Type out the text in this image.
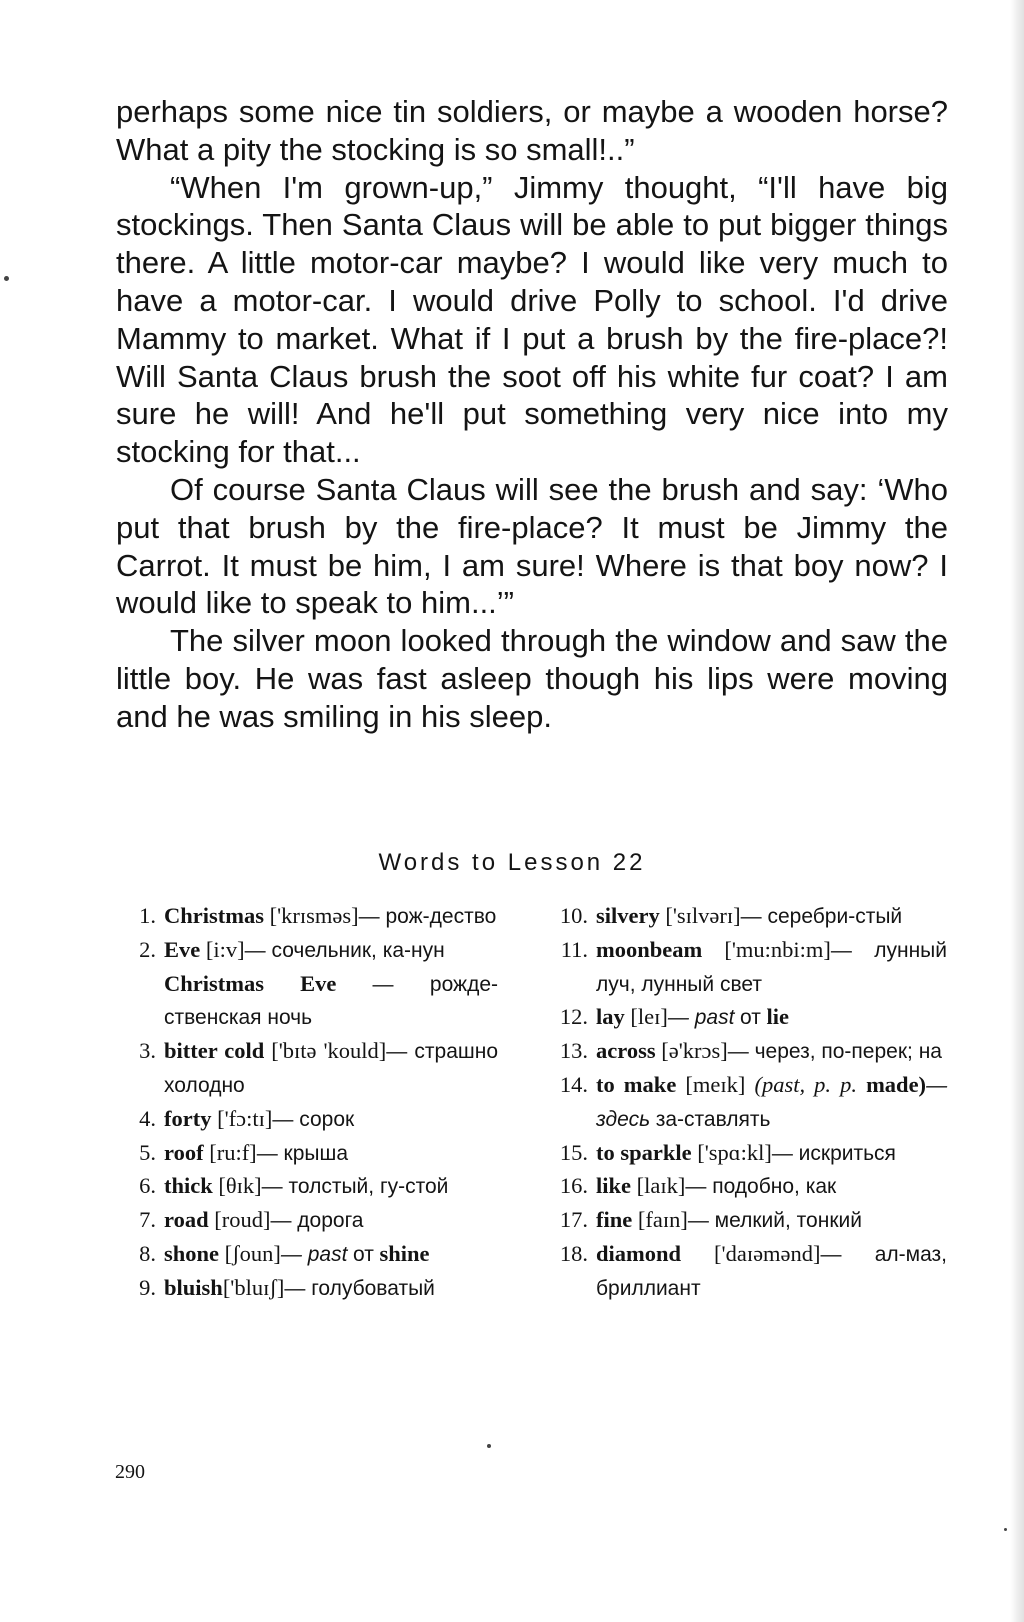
perhaps some nice tin soldiers, or maybe a wooden horse? What a pity the stocking is so small!..”

“When I'm grown-up,” Jimmy thought, “I'll have big stockings. Then Santa Claus will be able to put bigger things there. A little motor-car maybe? I would like very much to have a motor-car. I would drive Polly to school. I'd drive Mammy to market. What if I put a brush by the fire-place?! Will Santa Claus brush the soot off his white fur coat? I am sure he will! And he'll put something very nice into my stocking for that...

Of course Santa Claus will see the brush and say: ‘Who put that brush by the fire-place? It must be Jimmy the Carrot. It must be him, I am sure! Where is that boy now? I would like to speak to him...’”

The silver moon looked through the window and saw the little boy. He was fast asleep though his lips were moving and he was smiling in his sleep.

Words to Lesson 22
1. Christmas ['krɪsməs]— рож-дество
2. Eve [i:v]— сочельник, ка-нун
Christmas Eve — рожде-ственская ночь
3. bitter cold ['bɪtə 'kould]— страшно холодно
4. forty ['fɔ:tɪ]— сорок
5. roof [ru:f]— крыша
6. thick [θɪk]— толстый, гу-стой
7. road [roud]— дорога
8. shone [ʃoun]— past от shine
9. bluish['bluɪʃ]— голубоватый
10. silvery ['sɪlvərɪ]— серебри-стый
11. moonbeam ['mu:nbi:m]— лунный луч, лунный свет
12. lay [leɪ]— past от lie
13. across [ə'krɔs]— через, по-перек; на
14. to make [meɪk] (past, p. p. made)— здесь за-ставлять
15. to sparkle ['spɑ:kl]— искриться
16. like [laɪk]— подобно, как
17. fine [faɪn]— мелкий, тонкий
18. diamond ['daɪəmənd]— ал-маз, бриллиант
290
